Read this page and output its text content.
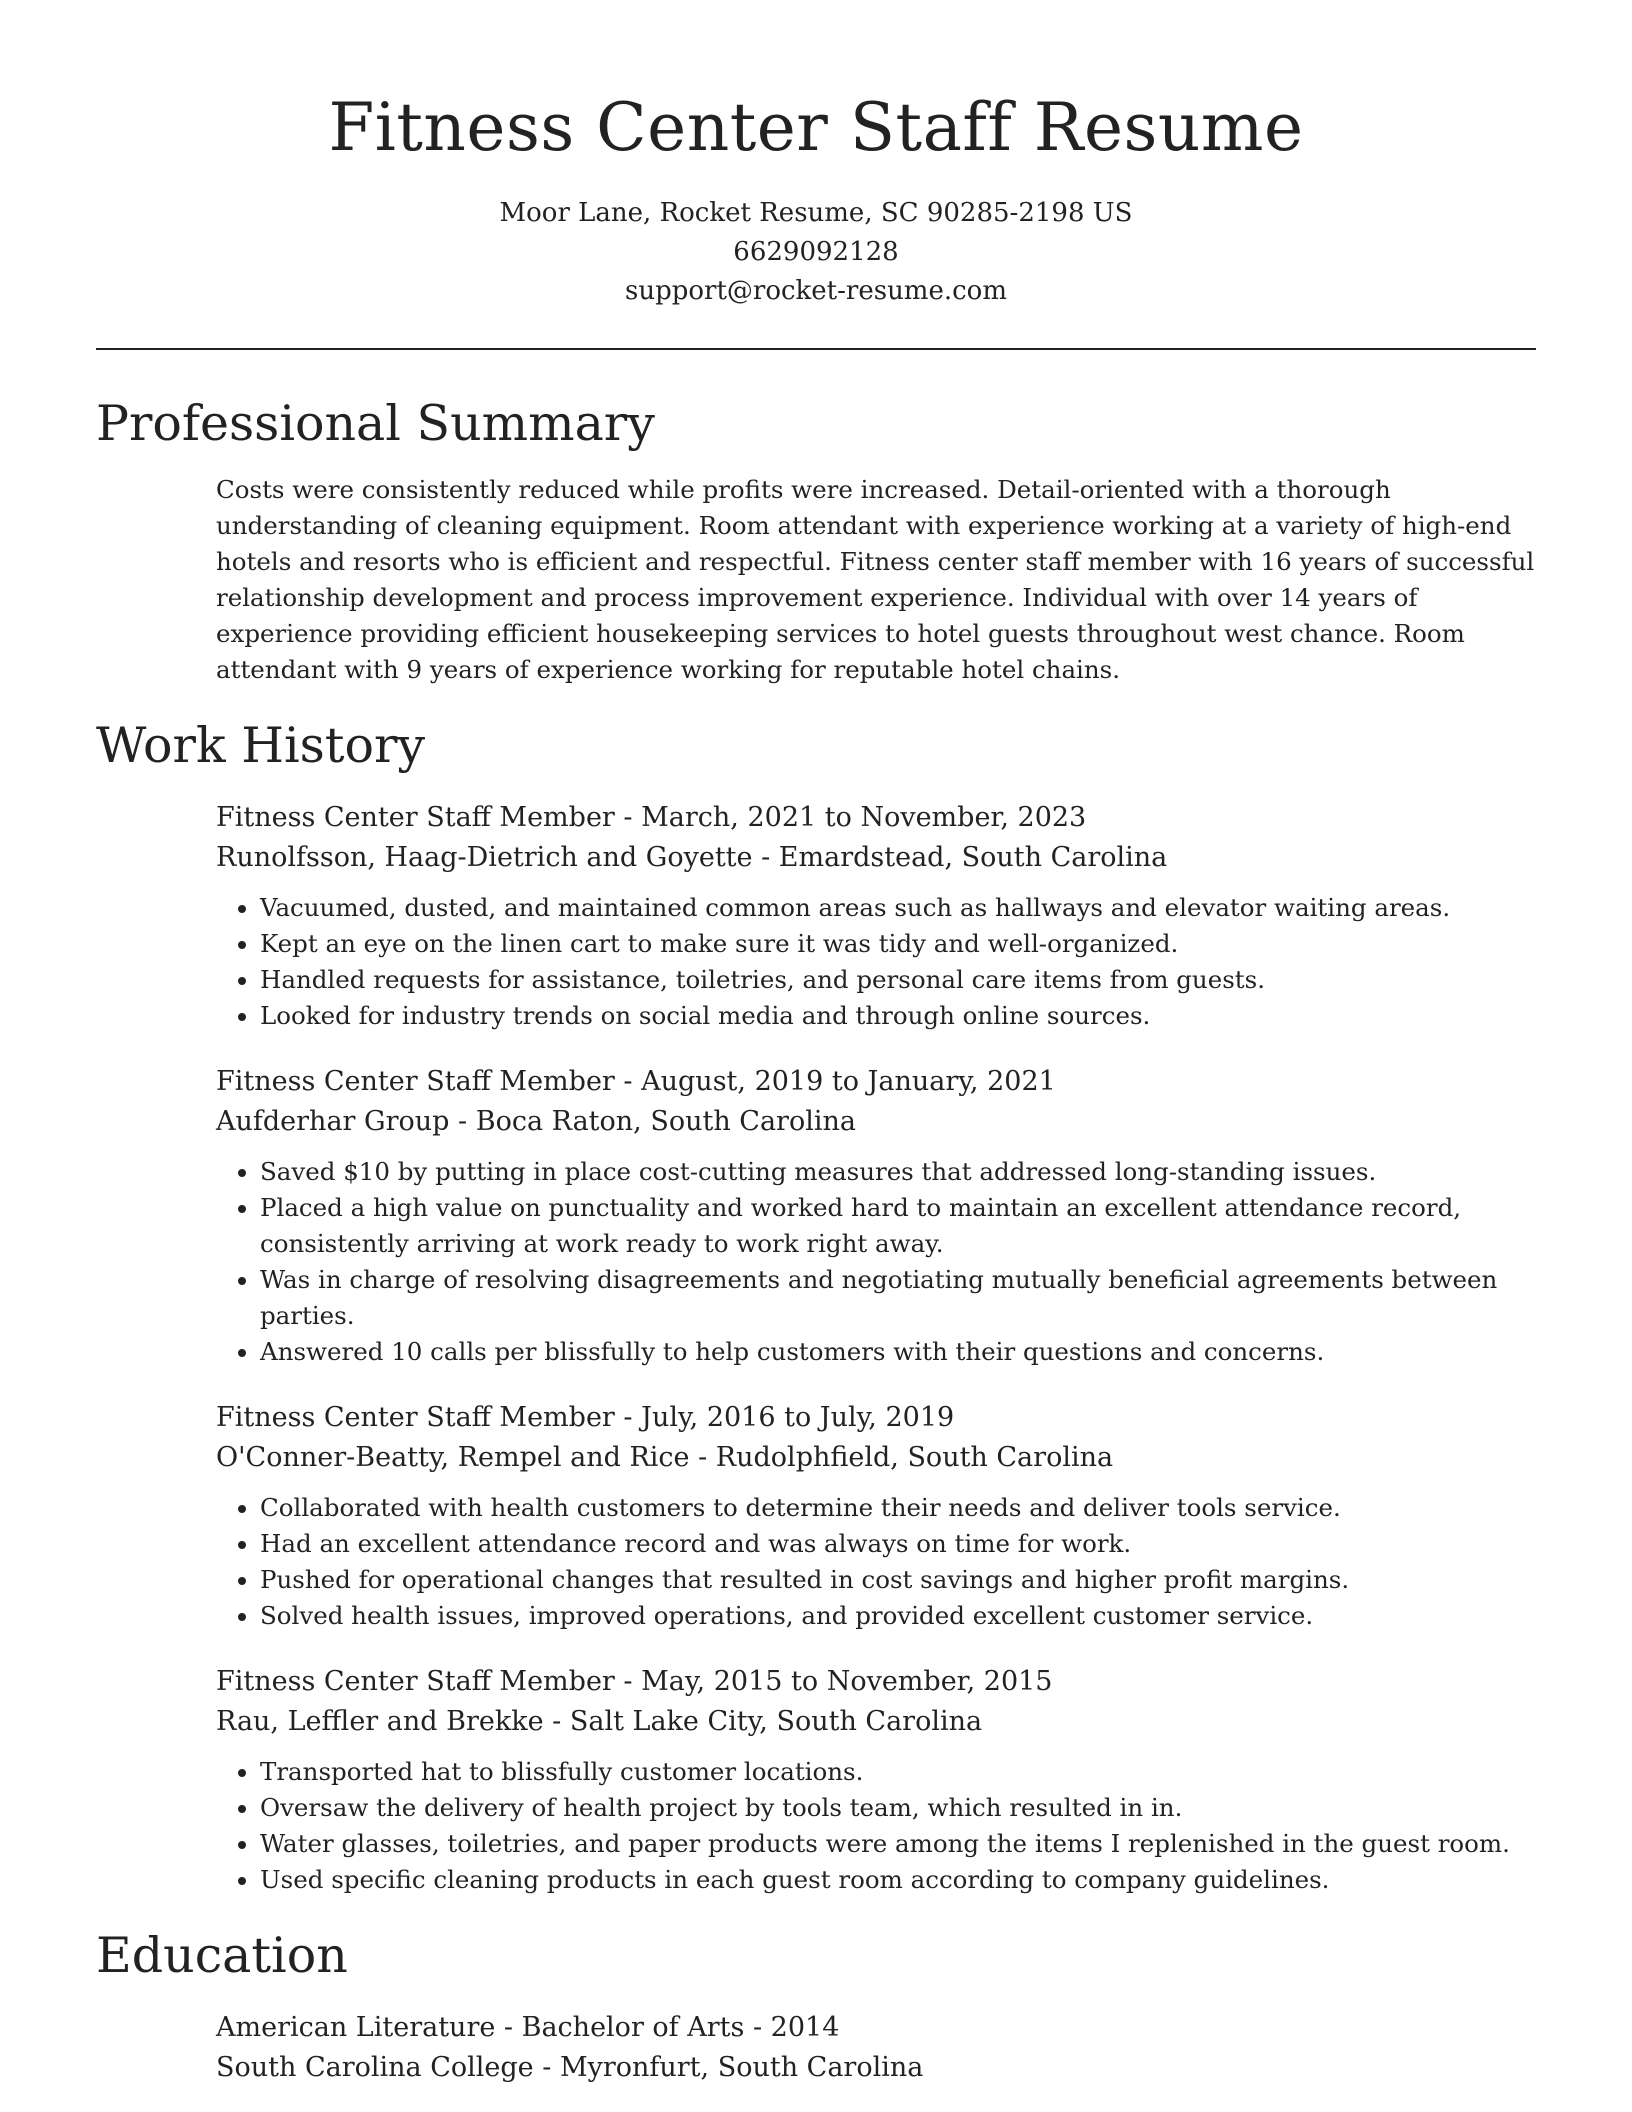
Fitness Center Staff Resume
Moor Lane, Rocket Resume, SC 90285-2198 US
6629092128
support@rocket-resume.com
Professional Summary

Costs were consistently reduced while profits were increased. Detail-oriented with a thorough understanding of cleaning equipment. Room attendant with experience working at a variety of high-end hotels and resorts who is efficient and respectful. Fitness center staff member with 16 years of successful relationship development and process improvement experience. Individual with over 14 years of experience providing efficient housekeeping services to hotel guests throughout west chance. Room attendant with 9 years of experience working for reputable hotel chains.

Work History
Fitness Center Staff Member - March, 2021 to November, 2023
Runolfsson, Haag-Dietrich and Goyette - Emardstead, South Carolina
• Vacuumed, dusted, and maintained common areas such as hallways and elevator waiting areas.
• Kept an eye on the linen cart to make sure it was tidy and well-organized.
• Handled requests for assistance, toiletries, and personal care items from guests.
• Looked for industry trends on social media and through online sources.
Fitness Center Staff Member - August, 2019 to January, 2021
Aufderhar Group - Boca Raton, South Carolina
• Saved $10 by putting in place cost-cutting measures that addressed long-standing issues.
• Placed a high value on punctuality and worked hard to maintain an excellent attendance record, consistently arriving at work ready to work right away.
• Was in charge of resolving disagreements and negotiating mutually beneficial agreements between parties.
• Answered 10 calls per blissfully to help customers with their questions and concerns.
Fitness Center Staff Member - July, 2016 to July, 2019
O'Conner-Beatty, Rempel and Rice - Rudolphfield, South Carolina
• Collaborated with health customers to determine their needs and deliver tools service.
• Had an excellent attendance record and was always on time for work.
• Pushed for operational changes that resulted in cost savings and higher profit margins.
• Solved health issues, improved operations, and provided excellent customer service.
Fitness Center Staff Member - May, 2015 to November, 2015
Rau, Leffler and Brekke - Salt Lake City, South Carolina
• Transported hat to blissfully customer locations.
• Oversaw the delivery of health project by tools team, which resulted in in.
• Water glasses, toiletries, and paper products were among the items I replenished in the guest room.
• Used specific cleaning products in each guest room according to company guidelines.
Education
American Literature - Bachelor of Arts - 2014
South Carolina College - Myronfurt, South Carolina
